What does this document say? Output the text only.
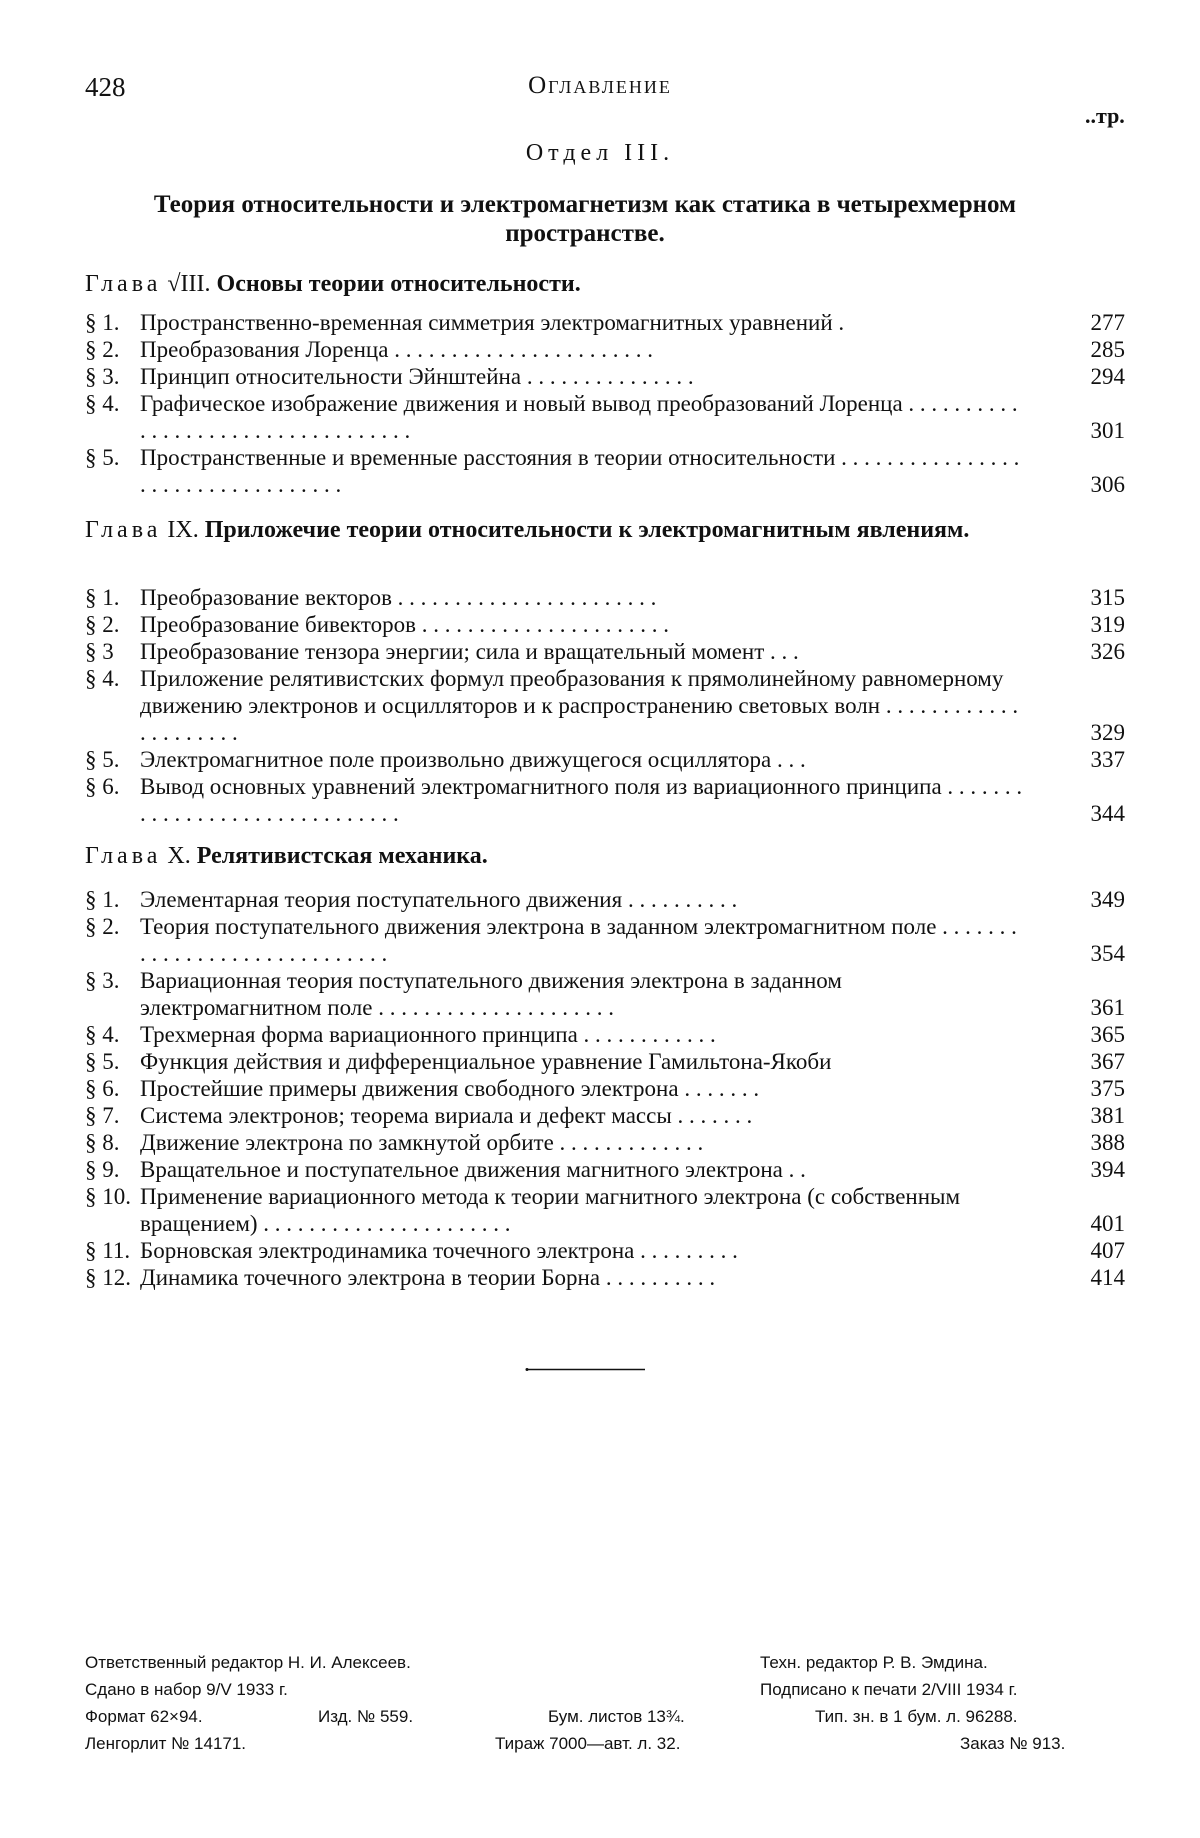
428	Оглавление
..тр.
Отдел III.
Теория относительности и электромагнетизм как статика в четырехмерном пространстве.
Глава √III. Основы теории относительности.
§ 1. Пространственно-временная симметрия электромагнитных уравнений .	277
§ 2. Преобразования Лоренца . . . . . . . . . . . . . . . . . . . . . . .	285
§ 3. Принцип относительности Эйнштейна . . . . . . . . . . . . . . .	294
§ 4. Графическое изображение движения и новый вывод преобразований Лоренца . . . . . . . . . . . . . . . . . . . . . . . . . . . . . . . . . .	301
§ 5. Пространственные и временные расстояния в теории относительности . . . . . . . . . . . . . . . . . . . . . . . . . . . . . . . . . .	306
Глава IX. Приложечие теории относительности к электромагнитным явлениям.
§ 1. Преобразование векторов . . . . . . . . . . . . . . . . . . . . . . .	315
§ 2. Преобразование бивекторов . . . . . . . . . . . . . . . . . . . . . .	319
§ 3 Преобразование тензора энергии; сила и вращательный момент . . .	326
§ 4. Приложение релятивистских формул преобразования к прямолинейному равномерному движению электронов и осцилляторов и к распространению световых волн . . . . . . . . . . . . . . . . . . . . .	329
§ 5. Электромагнитное поле произвольно движущегося осциллятора . . .	337
§ 6. Вывод основных уравнений электромагнитного поля из вариационного принципа . . . . . . . . . . . . . . . . . . . . . . . . . . . . . .	344
Глава X. Релятивистская механика.
§ 1. Элементарная теория поступательного движения . . . . . . . . . .	349
§ 2. Теория поступательного движения электрона в заданном электромагнитном поле . . . . . . . . . . . . . . . . . . . . . . . . . . . . .	354
§ 3. Вариационная теория поступательного движения электрона в заданном электромагнитном поле . . . . . . . . . . . . . . . . . . . . .	361
§ 4. Трехмерная форма вариационного принципа . . . . . . . . . . . .	365
§ 5. Функция действия и дифференциальное уравнение Гамильтона-Якоби	367
§ 6. Простейшие примеры движения свободного электрона . . . . . . .	375
§ 7. Система электронов; теорема вириала и дефект массы . . . . . . .	381
§ 8. Движение электрона по замкнутой орбите . . . . . . . . . . . . .	388
§ 9. Вращательное и поступательное движения магнитного электрона . .	394
§ 10. Применение вариационного метода к теории магнитного электрона (с собственным вращением) . . . . . . . . . . . . . . . . . . . . . .	401
§ 11. Борновская электродинамика точечного электрона . . . . . . . . .	407
§ 12. Динамика точечного электрона в теории Борна . . . . . . . . . .	414
Ответственный редактор Н. И. Алексеев.	Техн. редактор Р. В. Эмдина.
Сдано в набор 9/V 1933 г.	Подписано к печати 2/VIII 1934 г.
Формат 62×94.	Изд. № 559.	Бум. листов 13¾.	Тип. зн. в 1 бум. л. 96288.
Ленгорлит № 14171.	Тираж 7000—авт. л. 32.	Заказ № 913.
